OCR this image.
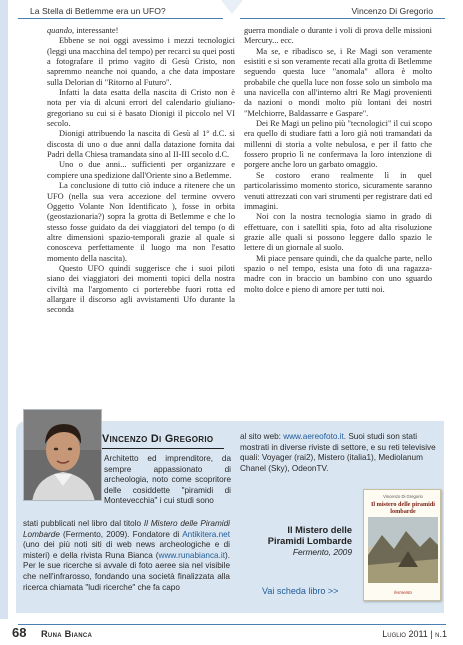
La Stella di Betlemme era un UFO?	Vincenzo Di Gregorio

quando, interessante!

Ebbene se noi oggi avessimo i mezzi tecnologici (leggi una macchina del tempo) per recarci su quei posti a fotografare il primo vagito di Gesù Cristo, non sapremmo neanche noi quando, a che data impostare sulla Delorian di "Ritorno al Futuro".

Infatti la data esatta della nascita di Cristo non è nota per via di alcuni errori del calendario giuliano-gregoriano su cui si è basato Dionigi il piccolo nel VI secolo.

Dionigi attribuendo la nascita di Gesù al 1° d.C. si discosta di uno o due anni dalla datazione fornita dai Padri della Chiesa tramandata sino al II-III secolo d.C.

Uno o due anni... sufficienti per organizzare e compiere una spedizione dall'Oriente sino a Betlemme.

La conclusione di tutto ciò induce a ritenere che un UFO (nella sua vera accezione del termine ovvero Oggetto Volante Non Identificato ), fosse in orbita (geostazionaria?) sopra la grotta di Betlemme e che lo stesso fosse guidato da dei viaggiatori del tempo (o di altre dimensioni spazio-temporali grazie al quale si conosceva perfettamente il luogo ma non l'esatto momento della nascita).

Questo UFO quindi suggerisce che i suoi piloti siano dei viaggiatori dei momenti topici della nostra civiltà ma l'argomento ci porterebbe fuori rotta ed allargare il discorso agli avvistamenti Ufo durante la seconda

guerra mondiale o durante i voli di prova delle missioni Mercury... ecc.

Ma se, e ribadisco se, i Re Magi son veramente esistiti e si son veramente recati alla grotta di Betlemme seguendo questa luce "anomala" allora è molto probabile che quella luce non fosse solo un simbolo ma una navicella con all'interno altri Re Magi provenienti da nazioni o mondi molto più lontani dei nostri "Melchiorre, Baldassarre e Gaspare".

Dei Re Magi un pelino più "tecnologici" il cui scopo era quello di studiare fatti a loro già noti tramandati da millenni di storia a volte nebulosa, e per il fatto che fossero proprio lì ne confermava la loro intenzione di porgere anche loro un garbato omaggio.

Se costoro erano realmente lì in quel particolarissimo momento storico, sicuramente saranno venuti attrezzati con vari strumenti per registrare dati ed immagini.

Noi con la nostra tecnologia siamo in grado di effettuare, con i satelliti spia, foto ad alta risoluzione grazie alle quali si possono leggere dallo spazio le lettere di un giornale al suolo.

Mi piace pensare quindi, che da qualche parte, nello spazio o nel tempo, esista una foto di una ragazza-madre con in braccio un bambino con uno sguardo molto dolce e pieno di amore per tutti noi.

Vincenzo Di Gregorio
Architetto ed imprenditore, da sempre appassionato di archeologia, noto come scopritore delle cosiddette "piramidi di Montevecchia" i cui studi sono
stati pubblicati nel libro dal titolo Il Mistero delle Piramidi Lombarde (Fermento, 2009). Fondatore di Antikitera.net (uno dei più noti siti di web news archeologiche e di misteri) e della rivista Runa Bianca (www.runabianca.it). Per le sue ricerche si avvale di foto aeree sia nel visibile che nell'infrarosso, fondando una società finalizzata alla ricerca chiamata "ludi ricerche" che fa capo
al sito web: www.aereofoto.it. Suoi studi son stati mostrati in diverse riviste di settore, e su reti televisive quali: Voyager (rai2), Mistero (italia1), Mediolanum Chanel (Sky), OdeonTV.
Il Mistero delle Piramidi Lombarde
Fermento, 2009
Vai scheda libro >>
Vincenzo Di Gregorio
Il mistero delle piramidi lombarde
fermento
68 Runa Bianca	Luglio 2011 | n.1
